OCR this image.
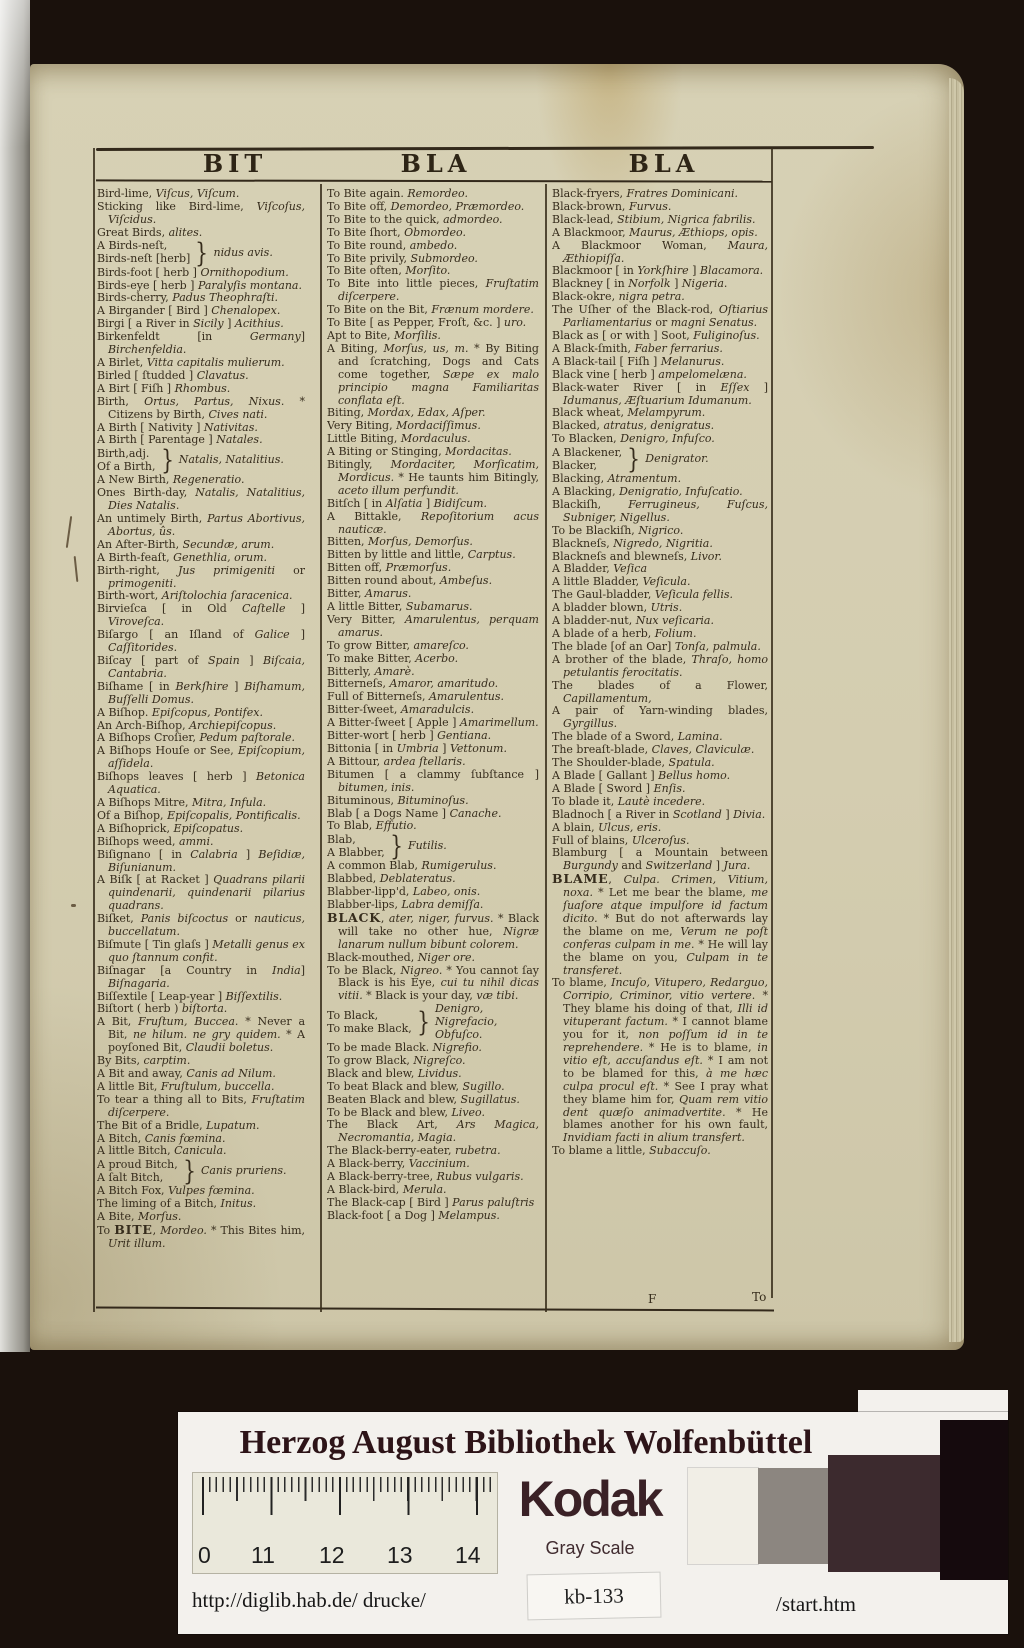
BIT	BLA	BLA
Bird-lime, Viſcus, Viſcum.
Sticking like Bird-lime, Viſcoſus, Viſcidus.
Great Birds, alites.
A Birds-neſt,
Birds-neſt [herb] } nidus avis.
Birds-foot [ herb ] Ornithopodium.
Birds-eye [ herb ] Paralyſis montana.
Birds-cherry, Padus Theophraſti.
A Birgander [ Bird ] Chenalopex.
Birgi [ a River in Sicily ] Acithius.
Birkenfeldt [in Germany] Birchenfeldia.
A Birlet, Vitta capitalis mulierum.
Birled [ ſtudded ] Clavatus.
A Birt [ Fiſh ] Rhombus.
Birth, Ortus, Partus, Nixus. * Citizens by Birth, Cives nati.
A Birth [ Nativity ] Nativitas.
A Birth [ Parentage ] Natales.
Birth,adj.
Of a Birth, } Natalis, Natalitius.
A New Birth, Regeneratio.
Ones Birth-day, Natalis, Natalitius, Dies Natalis.
An untimely Birth, Partus Abortivus, Abortus, ûs.
An After-Birth, Secundæ, arum.
A Birth-feaſt, Genethlia, orum.
Birth-right, Jus primigeniti or primogeniti.
Birth-wort, Ariſtolochia ſaracenica.
Birvieſca [ in Old Caſtelle ] Viroveſca.
Biſargo [ an Iſland of Galice ] Caſſitorides.
Biſcay [ part of Spain ] Biſcaia, Cantabria.
Biſhame [ in Berkſhire ] Biſhamum, Buſſelli Domus.
A Biſhop. Epiſcopus, Pontifex.
An Arch-Biſhop, Archiepiſcopus.
A Biſhops Croſier, Pedum paſtorale.
A Biſhops Houſe or See, Epiſcopium, aſſidela.
Biſhops leaves [ herb ] Betonica Aquatica.
A Biſhops Mitre, Mitra, Infula.
Of a Biſhop, Epiſcopalis, Pontificalis.
A Biſhoprick, Epiſcopatus.
Biſhops weed, ammi.
Biſignano [ in Calabria ] Beſidiæ, Biſunianum.
A Biſk [ at Racket ] Quadrans pilarii quindenarii, quindenarii pilarius quadrans.
Biſket, Panis biſcoctus or nauticus, buccellatum.
Biſmute [ Tin glaſs ] Metalli genus ex quo ſtannum confit.
Biſnagar [a Country in India] Biſnagaria.
Biſſextile [ Leap-year ] Biſſextilis.
Biſtort ( herb ) biſtorta.
A Bit, Fruſtum, Buccea. * Never a Bit, ne hilum. ne gry quidem. * A poyſoned Bit, Claudii boletus.
By Bits, carptim.
A Bit and away, Canis ad Nilum.
A little Bit, Fruſtulum, buccella.
To tear a thing all to Bits, Fruſtatim diſcerpere.
The Bit of a Bridle, Lupatum.
A Bitch, Canis fœmina.
A little Bitch, Canicula.
A proud Bitch,
A ſalt Bitch, } Canis pruriens.
A Bitch Fox, Vulpes fœmina.
The liming of a Bitch, Initus.
A Bite, Morſus.
To BITE, Mordeo. * This Bites him, Urit illum.
To Bite again. Remordeo.
To Bite off, Demordeo, Præmordeo.
To Bite to the quick, admordeo.
To Bite ſhort, Obmordeo.
To Bite round, ambedo.
To Bite privily, Submordeo.
To Bite often, Morſito.
To Bite into little pieces, Fruſtatim diſcerpere.
To Bite on the Bit, Frænum mordere.
To Bite [ as Pepper, Froſt, &c. ] uro.
Apt to Bite, Morſilis.
A Biting, Morſus, us, m. * By Biting and ſcratching, Dogs and Cats come together, Sæpe ex malo principio magna Familiaritas conflata eſt.
Biting, Mordax, Edax, Aſper.
Very Biting, Mordaciſſimus.
Little Biting, Mordaculus.
A Biting or Stinging, Mordacitas.
Bitingly, Mordaciter, Morſicatim, Mordicus. * He taunts him Bitingly, aceto illum perfundit.
Bitſch [ in Alſatia ] Bidiſcum.
A Bittakle, Repoſitorium acus nauticæ.
Bitten, Morſus, Demorſus.
Bitten by little and little, Carptus.
Bitten off, Præmorſus.
Bitten round about, Ambeſus.
Bitter, Amarus.
A little Bitter, Subamarus.
Very Bitter, Amarulentus, perquam amarus.
To grow Bitter, amareſco.
To make Bitter, Acerbo.
Bitterly, Amarè.
Bitterneſs, Amaror, amaritudo.
Full of Bitterneſs, Amarulentus.
Bitter-ſweet, Amaradulcis.
A Bitter-ſweet [ Apple ] Amarimellum.
Bitter-wort [ herb ] Gentiana.
Bittonia [ in Umbria ] Vettonum.
A Bittour, ardea ſtellaris.
Bitumen [ a clammy ſubſtance ] bitumen, inis.
Bituminous, Bituminoſus.
Blab [ a Dogs Name ] Canache.
To Blab, Effutio.
Blab,
A Blabber, } Futilis.
A common Blab, Rumigerulus.
Blabbed, Deblateratus.
Blabber-lipp'd, Labeo, onis.
Blabber-lips, Labra demiſſa.
BLACK, ater, niger, furvus. * Black will take no other hue, Nigræ lanarum nullum bibunt colorem.
Black-mouthed, Niger ore.
To be Black, Nigreo. * You cannot ſay Black is his Eye, cui tu nihil dicas vitii. * Black is your day, væ tibi.
To Black,
To make Black, } Denigro, Nigrefacio, Obfuſco.
To be made Black. Nigrefio.
To grow Black, Nigreſco.
Black and blew, Lividus.
To beat Black and blew, Sugillo.
Beaten Black and blew, Sugillatus.
To be Black and blew, Liveo.
The Black Art, Ars Magica, Necromantia, Magia.
The Black-berry-eater, rubetra.
A Black-berry, Vaccinium.
A Black-berry-tree, Rubus vulgaris.
A Black-bird, Merula.
The Black-cap [ Bird ] Parus paluſtris
Black-foot [ a Dog ] Melampus.
Black-fryers, Fratres Dominicani.
Black-brown, Furvus.
Black-lead, Stibium, Nigrica fabrilis.
A Blackmoor, Maurus, Æthiops, opis.
A Blackmoor Woman, Maura, Æthiopiſſa.
Blackmoor [ in Yorkſhire ] Blacamora.
Blackney [ in Norfolk ] Nigeria.
Black-okre, nigra petra.
The Uſher of the Black-rod, Oſtiarius Parliamentarius or magni Senatus.
Black as [ or with ] Soot, Fuliginoſus.
A Black-ſmith, Faber ferrarius.
A Black-tail [ Fiſh ] Melanurus.
Black vine [ herb ] ampelomelæna.
Black-water River [ in Eſſex ] Idumanus, Æſtuarium Idumanum.
Black wheat, Melampyrum.
Blacked, atratus, denigratus.
To Blacken, Denigro, Infuſco.
A Blackener,
Blacker,	} Denigrator.
Blacking, Atramentum.
A Blacking, Denigratio, Infuſcatio.
Blackiſh, Ferrugineus, Fuſcus, Subniger, Nigellus.
To be Blackiſh, Nigrico.
Blackneſs, Nigredo, Nigritia.
Blackneſs and blewneſs, Livor.
A Bladder, Veſica
A little Bladder, Veſicula.
The Gaul-bladder, Veſicula fellis.
A bladder blown, Utris.
A bladder-nut, Nux veſicaria.
A blade of a herb, Folium.
The blade [of an Oar] Tonſa, palmula.
A brother of the blade, Thraſo, homo petulantis ferocitatis.
The blades of a Flower, Capillamentum,
A pair of Yarn-winding blades, Gyrgillus.
The blade of a Sword, Lamina.
The breaſt-blade, Claves, Claviculæ.
The Shoulder-blade, Spatula.
A Blade [ Gallant ] Bellus homo.
A Blade [ Sword ] Enſis.
To blade it, Lautè incedere.
Bladnoch [ a River in Scotland ] Divia.
A blain, Ulcus, eris.
Full of blains, Ulceroſus.
Blamburg [ a Mountain between Burgundy and Switzerland ] Jura.
BLAME, Culpa. Crimen, Vitium, noxa. * Let me bear the blame, me ſuaſore atque impulſore id factum dicito. * But do not afterwards lay the blame on me, Verum ne poſt conferas culpam in me. * He will lay the blame on you, Culpam in te transferet.
To blame, Incuſo, Vitupero, Redarguo, Corripio, Criminor, vitio vertere. * They blame his doing of that, Illi id vituperant factum. * I cannot blame you for it, non poſſum id in te reprehendere. * He is to blame, in vitio eſt, accuſandus eſt. * I am not to be blamed for this, à me hæc culpa procul eſt. * See I pray what they blame him for, Quam rem vitio dent quæſo animadvertite. * He blames another for his own fault, Invidiam facti in alium transfert.
To blame a little, Subaccuſo.
F	To
Herzog August Bibliothek Wolfenbüttel
0 11 12 13 14
Kodak
Gray Scale
kb-133
http://diglib.hab.de/ drucke/	/start.htm
